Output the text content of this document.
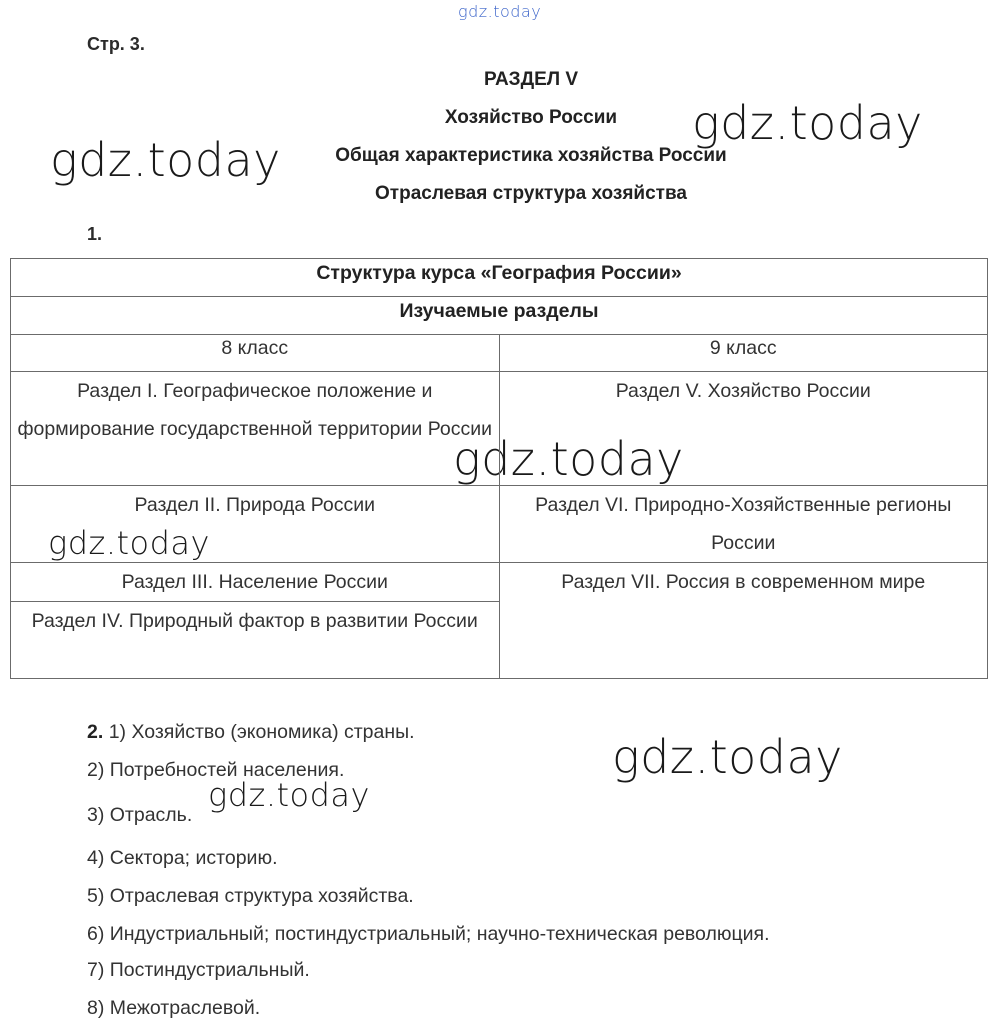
gdz.today
gdz.today
gdz.today
gdz.today
gdz.today
gdz.today
gdz.today
Стр. 3.
РАЗДЕЛ V
Хозяйство России
Общая характеристика хозяйства России
Отраслевая структура хозяйства
1.
Структура курса «География России»	
Изучаемые разделы	
8 класс	9 класс
Раздел I. Географическое положение и формирование государственной территории России	Раздел V. Хозяйство России
Раздел II. Природа России	Раздел VI. Природно-Хозяйственные регионы России
Раздел III. Население России	Раздел VII. Россия в современном мире
Раздел IV. Природный фактор в развитии России	
2. 1) Хозяйство (экономика) страны.
2) Потребностей населения.
3) Отрасль.
4) Сектора; историю.
5) Отраслевая структура хозяйства.
6) Индустриальный; постиндустриальный; научно-техническая революция.
7) Постиндустриальный.
8) Межотраслевой.
